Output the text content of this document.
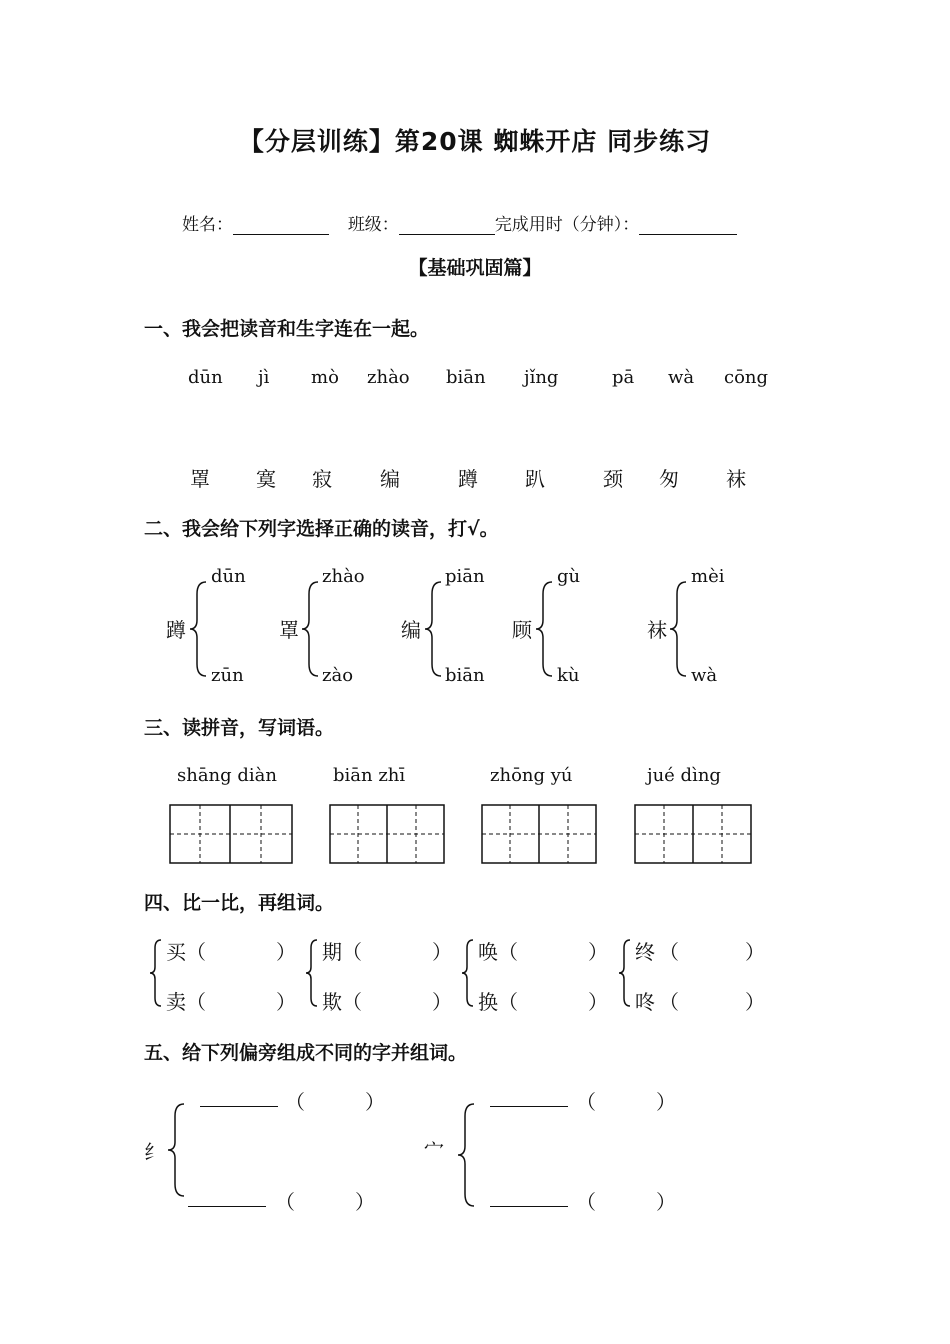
【分层训练】第20课 蜘蛛开店 同步练习
姓名：	班级：	完成用时（分钟）：
【基础巩固篇】
一、我会把读音和生字连在一起。
dūn jì mò zhào biān jǐng	pā wà cōng
罩 寞 寂 编	蹲 趴	颈 匆 袜
二、我会给下列字选择正确的读音，打√。
蹲
dūn
zūn
罩
zhào
zào
编
piān
biān
顾
gù
kù
袜
mèi
wà
三、读拼音，写词语。
shāng diàn	biān zhī	zhōng yú	jué dìng
四、比一比，再组词。
买 （	）
卖 （	）
期 （	）
欺 （	）
唤 （	）
换 （	）
终 （	）
咚 （	）
五、给下列偏旁组成不同的字并组词。
纟
（	）
（	）
宀
（	）
（	）
